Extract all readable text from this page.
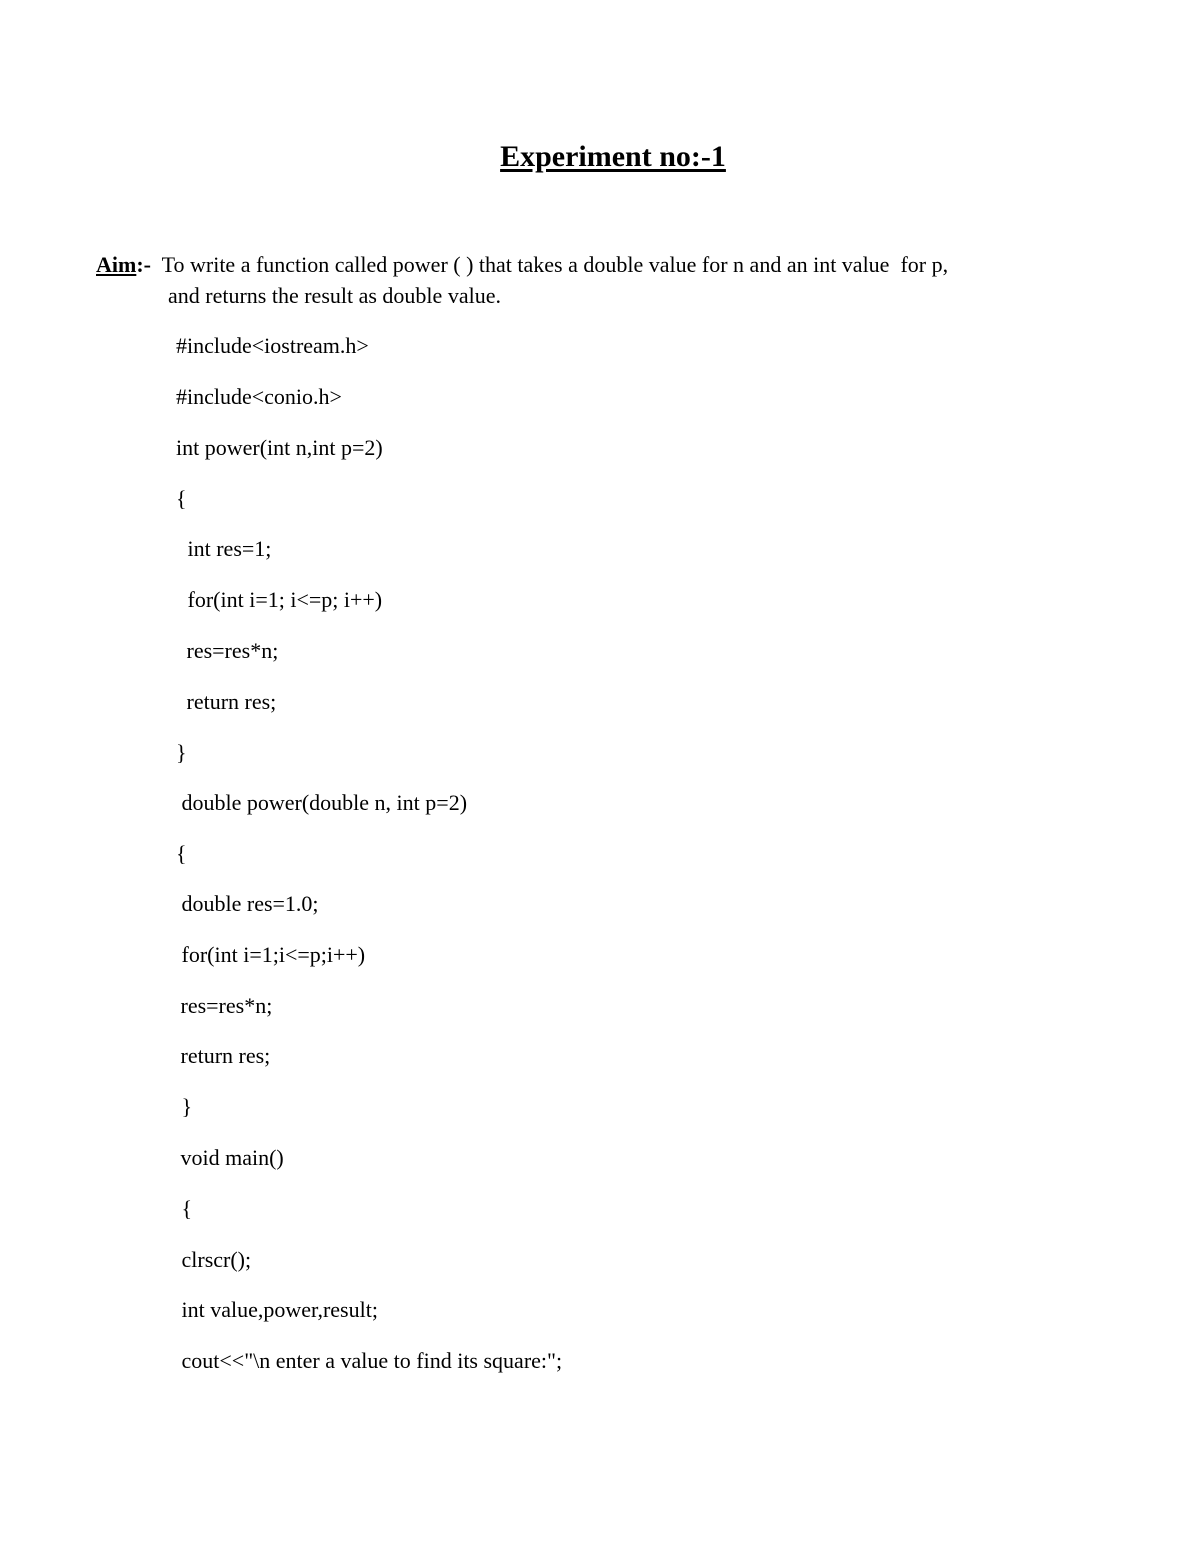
Experiment no:-1
Aim:-  To write a function called power ( ) that takes a double value for n and an int value  for p,
and returns the result as double value.
#include<iostream.h>
#include<conio.h>
int power(int n,int p=2)
{
int res=1;
for(int i=1; i<=p; i++)
res=res*n;
return res;
}
double power(double n, int p=2)
{
double res=1.0;
for(int i=1;i<=p;i++)
res=res*n;
return res;
}
void main()
{
clrscr();
int value,power,result;
cout<<"\n enter a value to find its square:";
